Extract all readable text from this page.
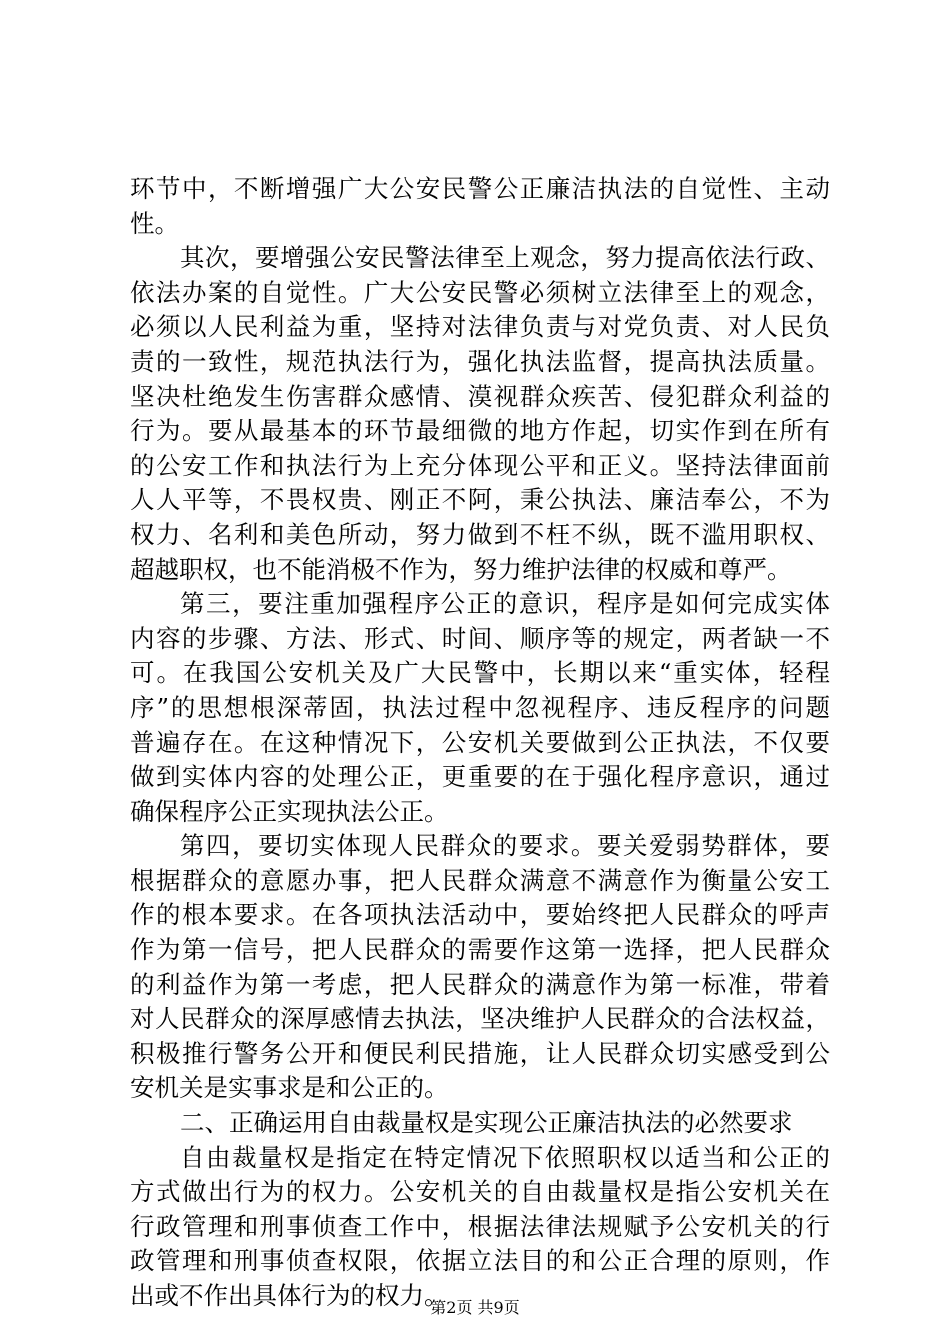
环节中，不断增强广大公安民警公正廉洁执法的自觉性、主动
性。
其次，要增强公安民警法律至上观念，努力提高依法行政、
依法办案的自觉性。广大公安民警必须树立法律至上的观念，
必须以人民利益为重，坚持对法律负责与对党负责、对人民负
责的一致性，规范执法行为，强化执法监督，提高执法质量。
坚决杜绝发生伤害群众感情、漠视群众疾苦、侵犯群众利益的
行为。要从最基本的环节最细微的地方作起，切实作到在所有
的公安工作和执法行为上充分体现公平和正义。坚持法律面前
人人平等，不畏权贵、刚正不阿，秉公执法、廉洁奉公，不为
权力、名利和美色所动，努力做到不枉不纵，既不滥用职权、
超越职权，也不能消极不作为，努力维护法律的权威和尊严。
第三，要注重加强程序公正的意识，程序是如何完成实体
内容的步骤、方法、形式、时间、顺序等的规定，两者缺一不
可。在我国公安机关及广大民警中，长期以来“重实体，轻程
序”的思想根深蒂固，执法过程中忽视程序、违反程序的问题
普遍存在。在这种情况下，公安机关要做到公正执法，不仅要
做到实体内容的处理公正，更重要的在于强化程序意识，通过
确保程序公正实现执法公正。
第四，要切实体现人民群众的要求。要关爱弱势群体，要
根据群众的意愿办事，把人民群众满意不满意作为衡量公安工
作的根本要求。在各项执法活动中，要始终把人民群众的呼声
作为第一信号，把人民群众的需要作这第一选择，把人民群众
的利益作为第一考虑，把人民群众的满意作为第一标准，带着
对人民群众的深厚感情去执法，坚决维护人民群众的合法权益，
积极推行警务公开和便民利民措施，让人民群众切实感受到公
安机关是实事求是和公正的。
二、正确运用自由裁量权是实现公正廉洁执法的必然要求
自由裁量权是指定在特定情况下依照职权以适当和公正的
方式做出行为的权力。公安机关的自由裁量权是指公安机关在
行政管理和刑事侦查工作中，根据法律法规赋予公安机关的行
政管理和刑事侦查权限，依据立法目的和公正合理的原则，作
出或不作出具体行为的权力。
第2页 共9页
